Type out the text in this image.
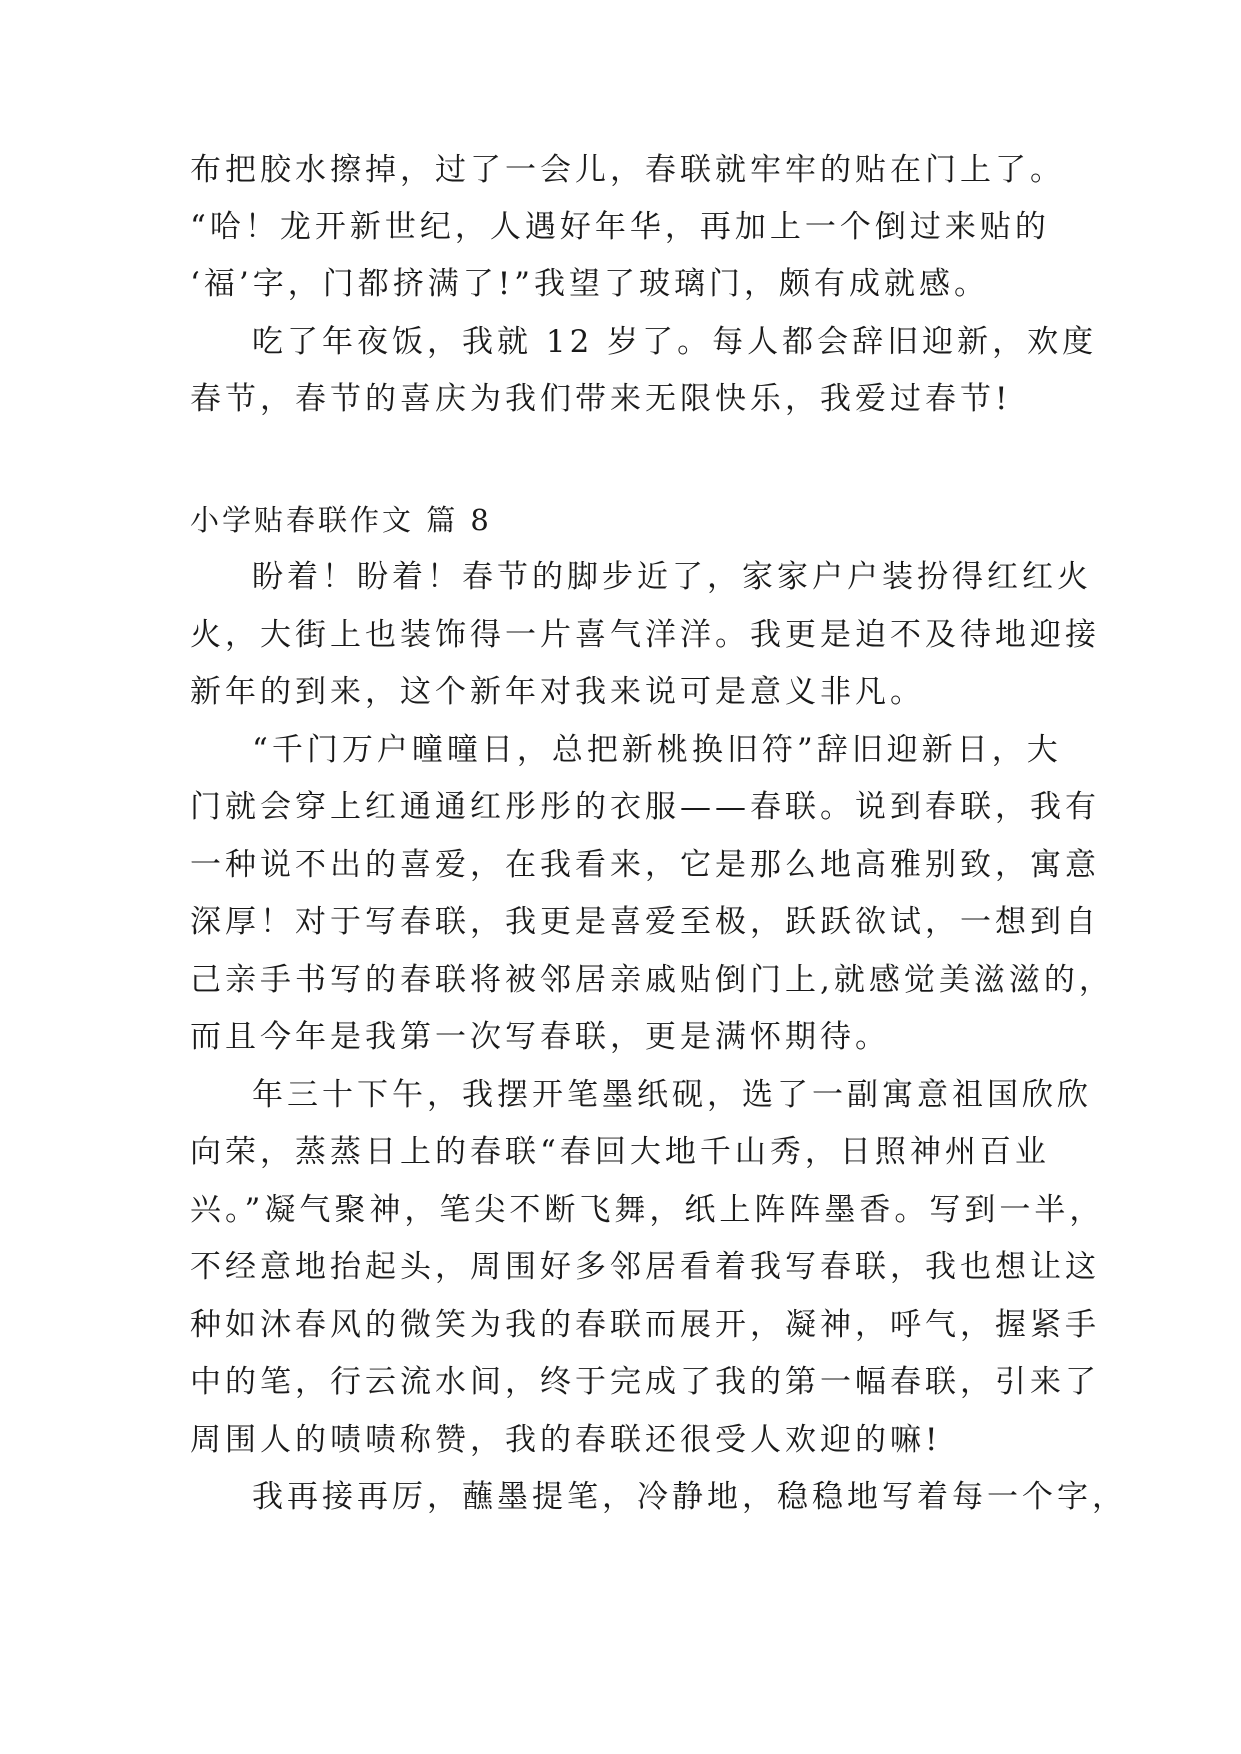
布把胶水擦掉，过了一会儿，春联就牢牢的贴在门上了。
“哈！龙开新世纪，人遇好年华，再加上一个倒过来贴的
‘福’字，门都挤满了!”我望了玻璃门，颇有成就感。
吃了年夜饭，我就 12 岁了。每人都会辞旧迎新，欢度
春节，春节的喜庆为我们带来无限快乐，我爱过春节!
小学贴春联作文 篇 8
盼着！盼着！春节的脚步近了，家家户户装扮得红红火
火，大街上也装饰得一片喜气洋洋。我更是迫不及待地迎接
新年的到来，这个新年对我来说可是意义非凡。
“千门万户曈曈日，总把新桃换旧符”辞旧迎新日，大
门就会穿上红通通红彤彤的衣服——春联。说到春联，我有
一种说不出的喜爱，在我看来，它是那么地高雅别致，寓意
深厚！对于写春联，我更是喜爱至极，跃跃欲试，一想到自
己亲手书写的春联将被邻居亲戚贴倒门上,就感觉美滋滋的，
而且今年是我第一次写春联，更是满怀期待。
年三十下午，我摆开笔墨纸砚，选了一副寓意祖国欣欣
向荣，蒸蒸日上的春联“春回大地千山秀，日照神州百业
兴。”凝气聚神，笔尖不断飞舞，纸上阵阵墨香。写到一半，
不经意地抬起头，周围好多邻居看着我写春联，我也想让这
种如沐春风的微笑为我的春联而展开，凝神，呼气，握紧手
中的笔，行云流水间，终于完成了我的第一幅春联，引来了
周围人的啧啧称赞，我的春联还很受人欢迎的嘛!
我再接再厉，蘸墨提笔，冷静地，稳稳地写着每一个字，
